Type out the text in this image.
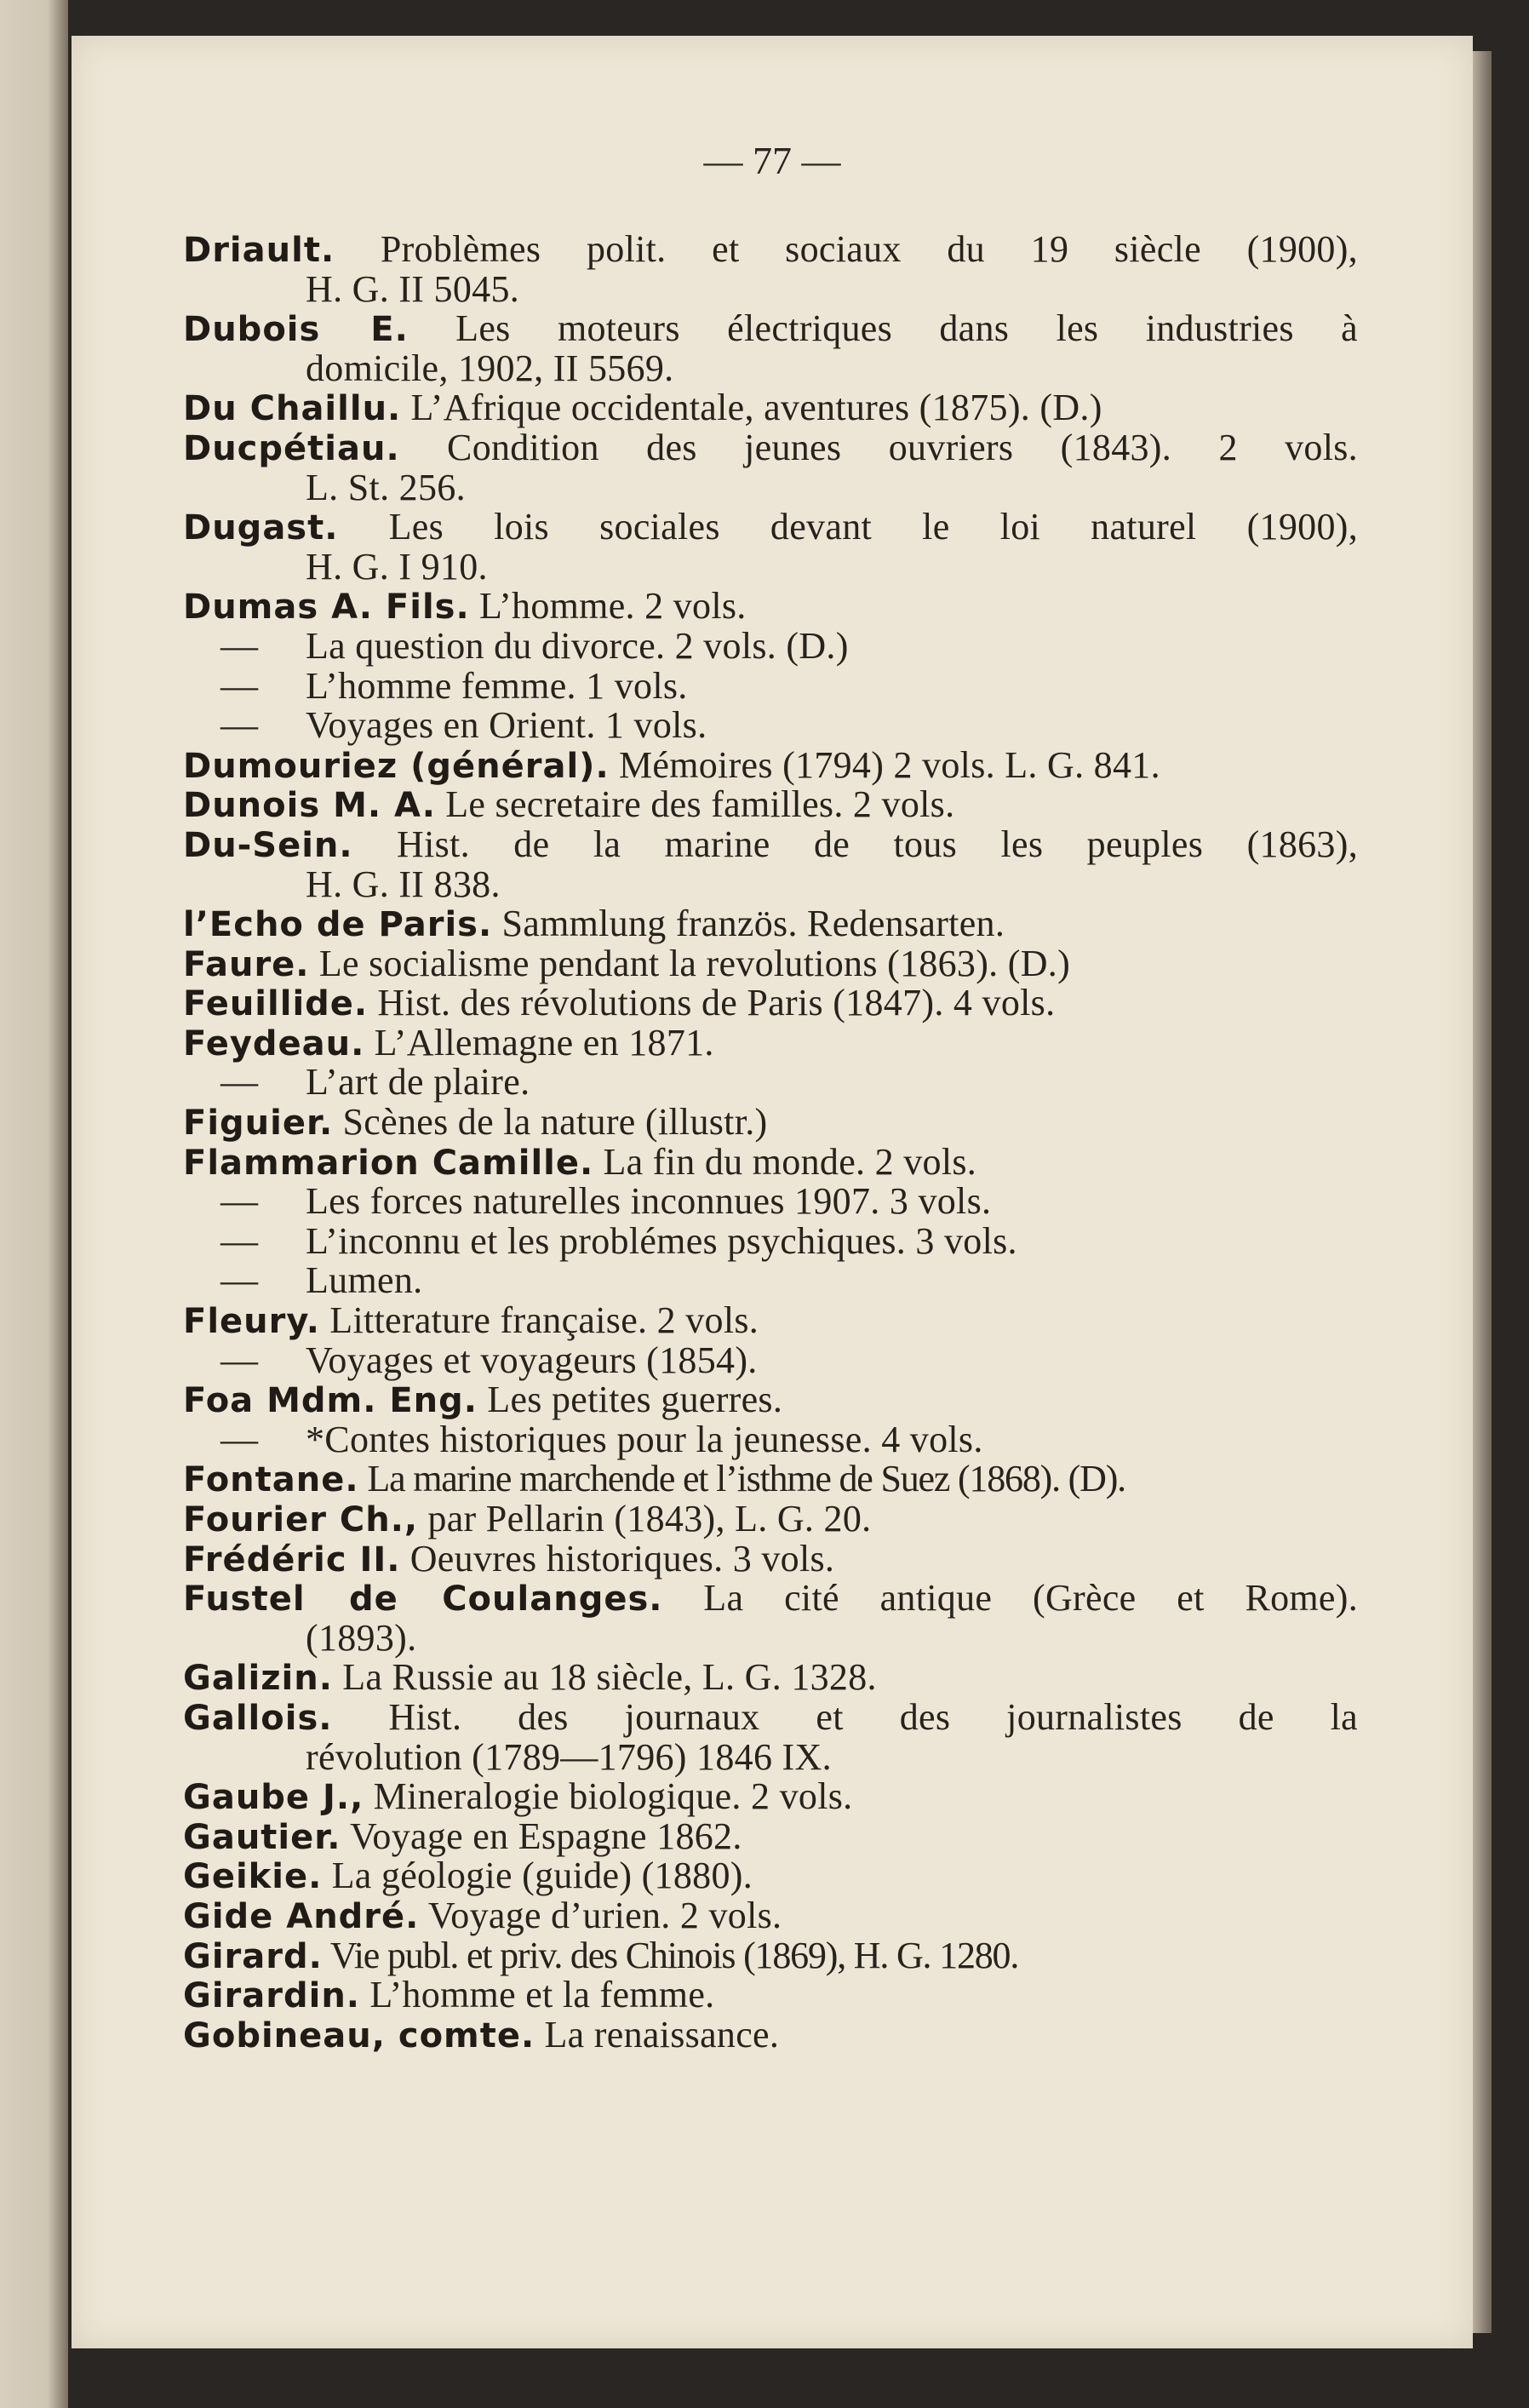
— 77 —
Driault. Problèmes polit. et sociaux du 19 siècle (1900),
H. G. II 5045.
Dubois E. Les moteurs électriques dans les industries à
domicile, 1902, II 5569.
Du Chaillu. L’Afrique occidentale, aventures (1875). (D.)
Ducpétiau. Condition des jeunes ouvriers (1843). 2 vols.
L. St. 256.
Dugast. Les lois sociales devant le loi naturel (1900),
H. G. I 910.
Dumas A. Fils. L’homme. 2 vols.
— La question du divorce. 2 vols. (D.)
— L’homme femme. 1 vols.
— Voyages en Orient. 1 vols.
Dumouriez (général). Mémoires (1794) 2 vols. L. G. 841.
Dunois M. A. Le secretaire des familles. 2 vols.
Du-Sein. Hist. de la marine de tous les peuples (1863),
H. G. II 838.
l’Echo de Paris. Sammlung französ. Redensarten.
Faure. Le socialisme pendant la revolutions (1863). (D.)
Feuillide. Hist. des révolutions de Paris (1847). 4 vols.
Feydeau. L’Allemagne en 1871.
— L’art de plaire.
Figuier. Scènes de la nature (illustr.)
Flammarion Camille. La fin du monde. 2 vols.
— Les forces naturelles inconnues 1907. 3 vols.
— L’inconnu et les problémes psychiques. 3 vols.
— Lumen.
Fleury. Litterature française. 2 vols.
— Voyages et voyageurs (1854).
Foa Mdm. Eng. Les petites guerres.
— *Contes historiques pour la jeunesse. 4 vols.
Fontane. La marine marchende et l’isthme de Suez (1868). (D).
Fourier Ch., par Pellarin (1843), L. G. 20.
Frédéric II. Oeuvres historiques. 3 vols.
Fustel de Coulanges. La cité antique (Grèce et Rome).
(1893).
Galizin. La Russie au 18 siècle, L. G. 1328.
Gallois. Hist. des journaux et des journalistes de la
révolution (1789—1796) 1846 IX.
Gaube J., Mineralogie biologique. 2 vols.
Gautier. Voyage en Espagne 1862.
Geikie. La géologie (guide) (1880).
Gide André. Voyage d’urien. 2 vols.
Girard. Vie publ. et priv. des Chinois (1869), H. G. 1280.
Girardin. L’homme et la femme.
Gobineau, comte. La renaissance.
